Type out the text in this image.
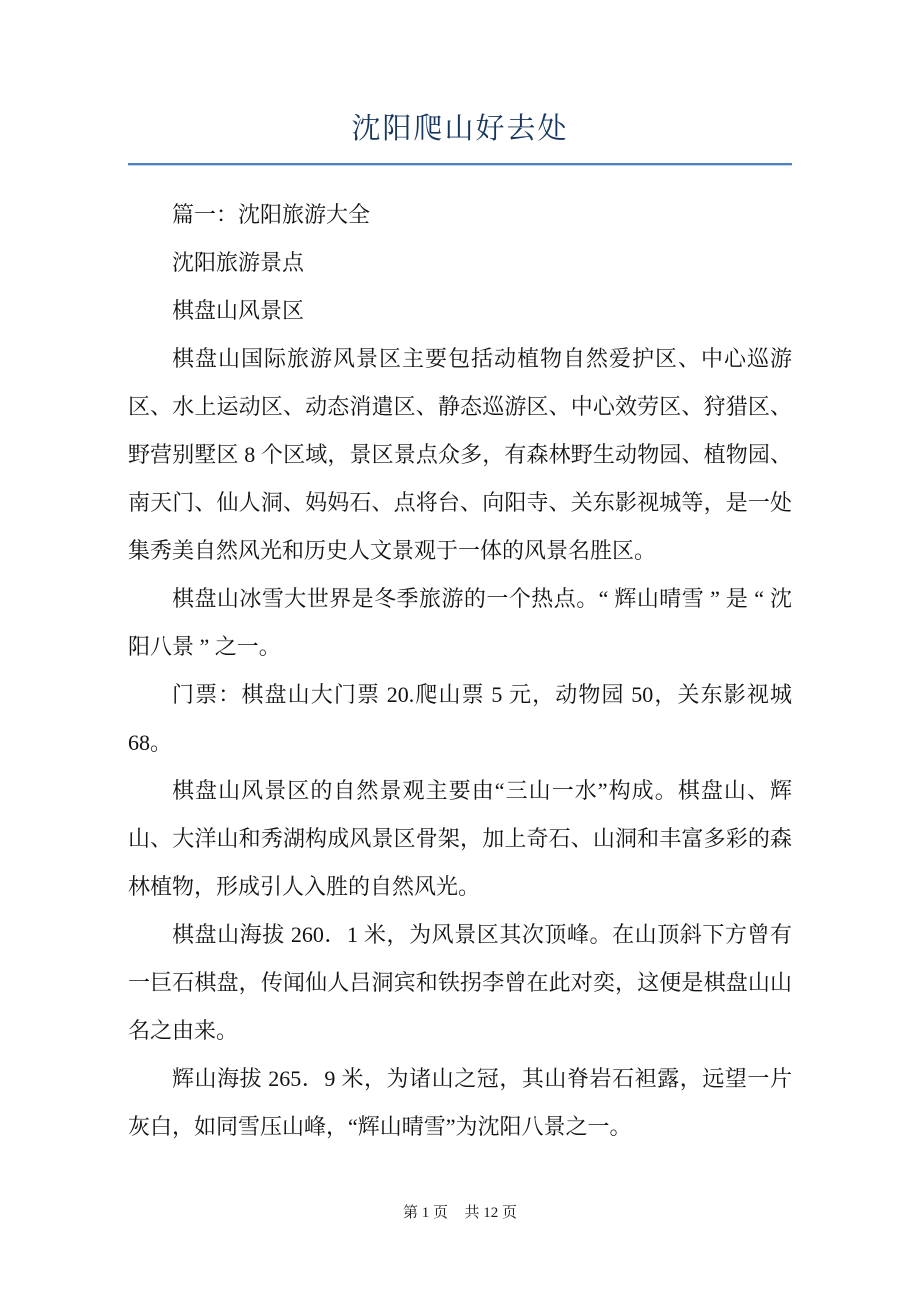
沈阳爬山好去处

篇一：沈阳旅游大全

沈阳旅游景点

棋盘山风景区

棋盘山国际旅游风景区主要包括动植物自然爱护区、中心巡游区、水上运动区、动态消遣区、静态巡游区、中心效劳区、狩猎区、野营别墅区 8 个区域，景区景点众多，有森林野生动物园、植物园、南天门、仙人洞、妈妈石、点将台、向阳寺、关东影视城等，是一处集秀美自然风光和历史人文景观于一体的风景名胜区。

棋盘山冰雪大世界是冬季旅游的一个热点。“ 辉山晴雪 ” 是 “ 沈阳八景 ” 之一。

门票：棋盘山大门票 20.爬山票 5 元，动物园 50，关东影视城 68。

棋盘山风景区的自然景观主要由“三山一水”构成。棋盘山、辉山、大洋山和秀湖构成风景区骨架，加上奇石、山洞和丰富多彩的森林植物，形成引人入胜的自然风光。

棋盘山海拔 260．1 米，为风景区其次顶峰。在山顶斜下方曾有一巨石棋盘，传闻仙人吕洞宾和铁拐李曾在此对奕，这便是棋盘山山名之由来。

辉山海拔 265．9 米，为诸山之冠，其山脊岩石袒露，远望一片灰白，如同雪压山峰，“辉山晴雪”为沈阳八景之一。

第 1 页 共 12 页
